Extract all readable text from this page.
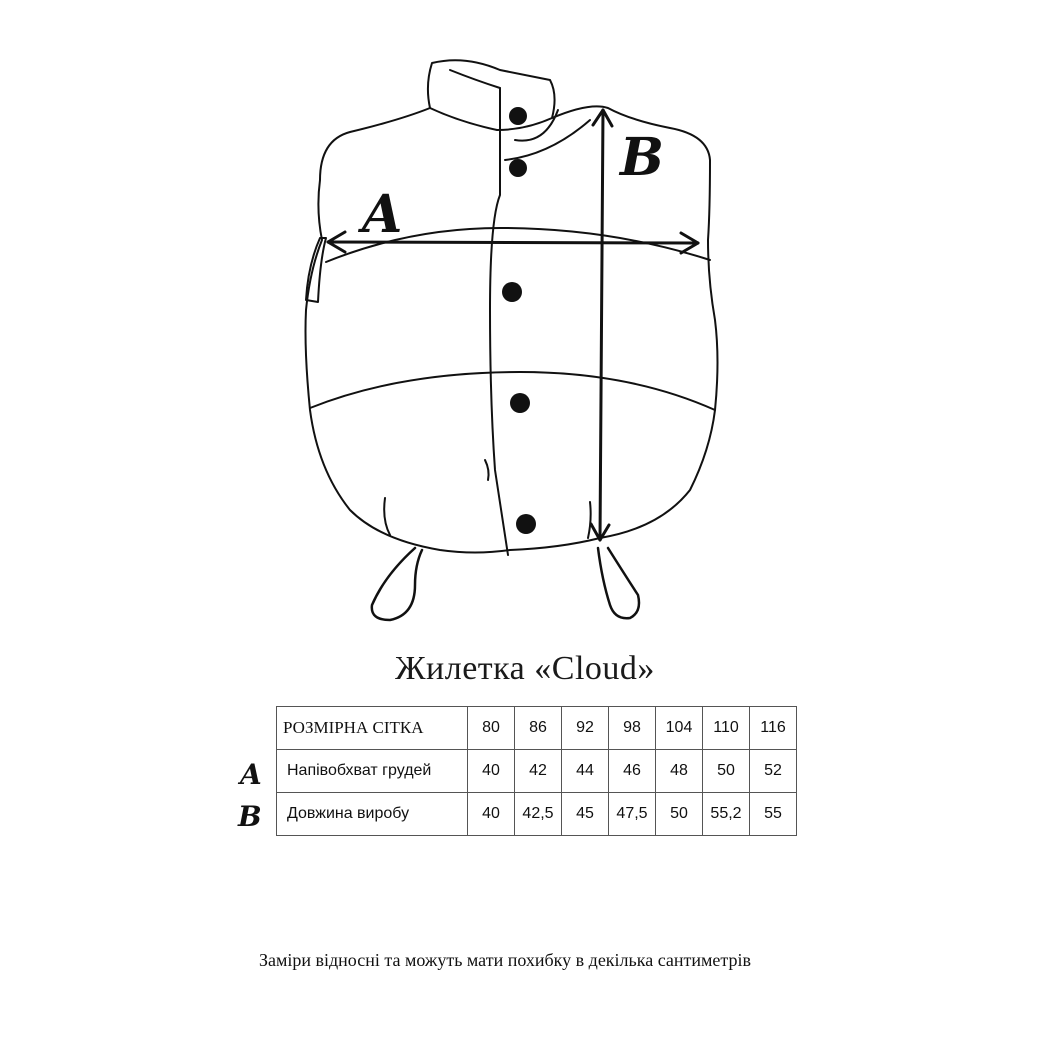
A
B
Жилетка «Cloud»
A
B
РОЗМІРНА СІТКА	80	86	92	98	104	110	116
Напівобхват грудей	40	42	44	46	48	50	52
Довжина виробу	40	42,5	45	47,5	50	55,2	55
Заміри відносні та можуть мати похибку в декілька сантиметрів
